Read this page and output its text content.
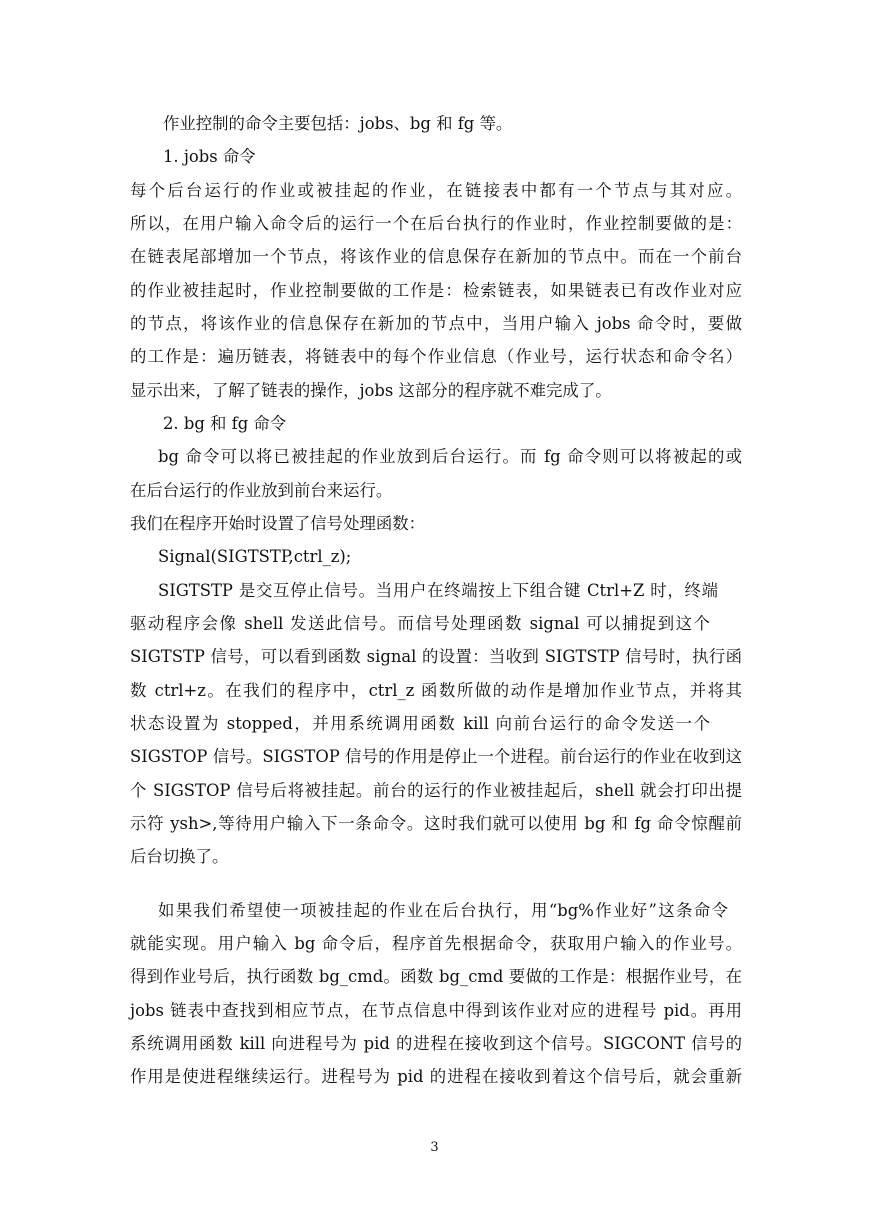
作业控制的命令主要包括：jobs、bg 和 fg 等。
1. jobs 命令
每个后台运行的作业或被挂起的作业，在链接表中都有一个节点与其对应。
所以，在用户输入命令后的运行一个在后台执行的作业时，作业控制要做的是：
在链表尾部增加一个节点，将该作业的信息保存在新加的节点中。而在一个前台
的作业被挂起时，作业控制要做的工作是：检索链表，如果链表已有改作业对应
的节点，将该作业的信息保存在新加的节点中，当用户输入 jobs 命令时，要做
的工作是：遍历链表，将链表中的每个作业信息（作业号，运行状态和命令名）
显示出来，了解了链表的操作，jobs 这部分的程序就不难完成了。
2. bg 和 fg 命令
bg 命令可以将已被挂起的作业放到后台运行。而 fg 命令则可以将被起的或
在后台运行的作业放到前台来运行。
我们在程序开始时设置了信号处理函数：
Signal(SIGTSTP,ctrl_z);
SIGTSTP 是交互停止信号。当用户在终端按上下组合键 Ctrl+Z 时，终端
驱动程序会像 shell 发送此信号。而信号处理函数 signal 可以捕捉到这个
SIGTSTP 信号，可以看到函数 signal 的设置：当收到 SIGTSTP 信号时，执行函
数 ctrl+z。在我们的程序中，ctrl_z 函数所做的动作是增加作业节点，并将其
状态设置为 stopped，并用系统调用函数 kill 向前台运行的命令发送一个
SIGSTOP 信号。SIGSTOP 信号的作用是停止一个进程。前台运行的作业在收到这
个 SIGSTOP 信号后将被挂起。前台的运行的作业被挂起后，shell 就会打印出提
示符 ysh>,等待用户输入下一条命令。这时我们就可以使用 bg 和 fg 命令惊醒前
后台切换了。
如果我们希望使一项被挂起的作业在后台执行，用“bg%作业好”这条命令
就能实现。用户输入 bg 命令后，程序首先根据命令，获取用户输入的作业号。
得到作业号后，执行函数 bg_cmd。函数 bg_cmd 要做的工作是：根据作业号，在
jobs 链表中查找到相应节点，在节点信息中得到该作业对应的进程号 pid。再用
系统调用函数 kill 向进程号为 pid 的进程在接收到这个信号。SIGCONT 信号的
作用是使进程继续运行。进程号为 pid 的进程在接收到着这个信号后，就会重新
3
